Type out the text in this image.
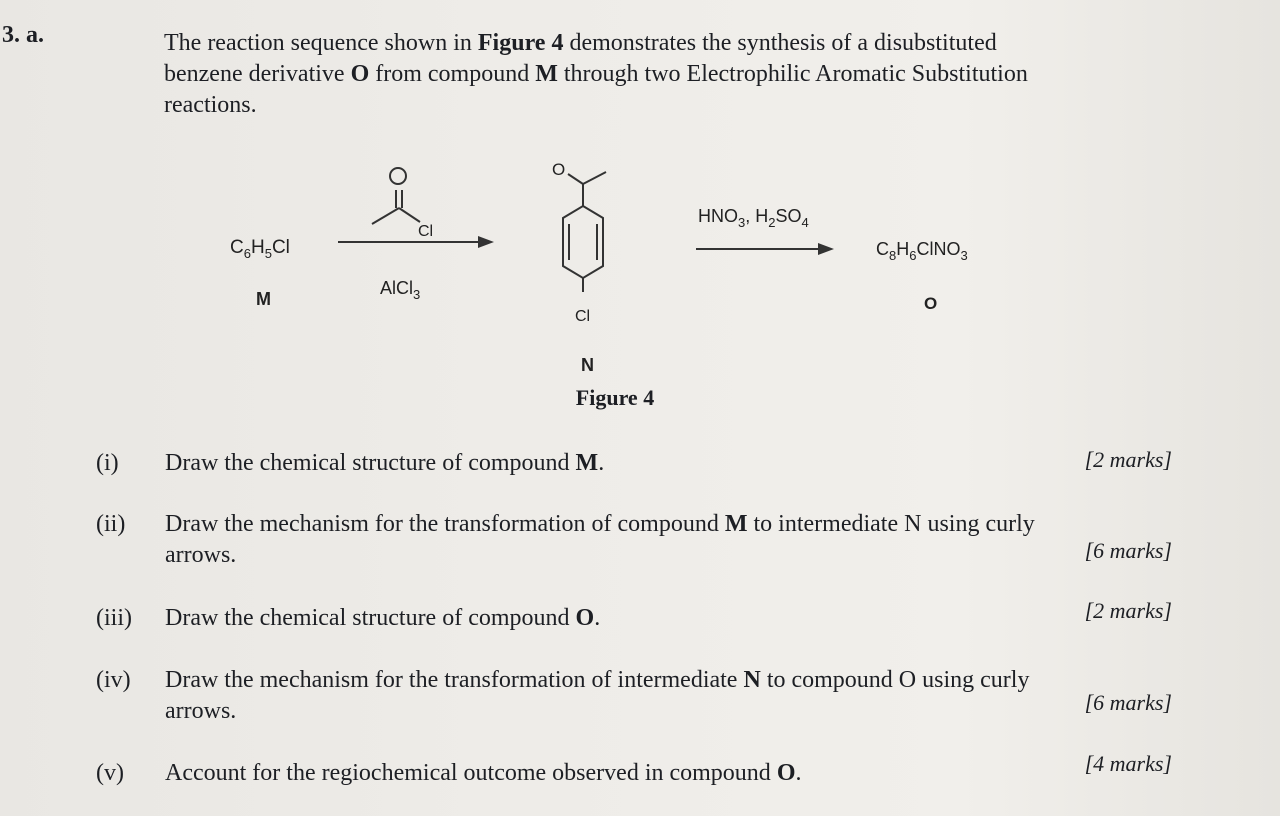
3. a.	The reaction sequence shown in Figure 4 demonstrates the synthesis of a disubstituted benzene derivative O from compound M through two Electrophilic Aromatic Substitution reactions.
$C_6H_5Cl$
M
Cl
AlCl$_3$
O
Cl
N
$HNO_3$, $H_2SO_4$
$C_8H_6ClNO_3$
O
Figure 4
(i) Draw the chemical structure of compound M.	[2 marks]
(ii) Draw the mechanism for the transformation of compound M to intermediate N using curly arrows.	[6 marks]
(iii) Draw the chemical structure of compound O.	[2 marks]
(iv) Draw the mechanism for the transformation of intermediate N to compound O using curly arrows.	[6 marks]
(v) Account for the regiochemical outcome observed in compound O.	[4 marks]
